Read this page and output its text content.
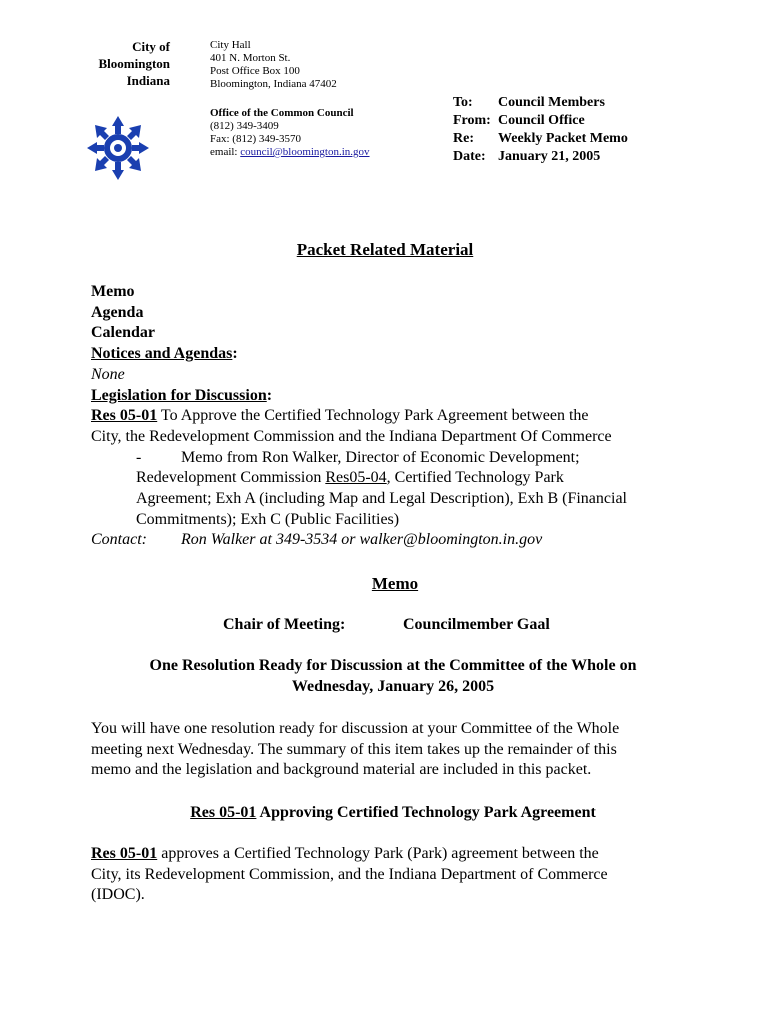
City of
Bloomington
Indiana
City Hall
401 N. Morton St.
Post Office Box 100
Bloomington, Indiana 47402
Office of the Common Council
(812) 349-3409
Fax: (812) 349-3570
email: council@bloomington.in.gov
To:	Council Members
From: Council Office
Re:	Weekly Packet Memo
Date: January 21, 2005
Packet Related Material
Memo
Agenda
Calendar
Notices and Agendas:
None
Legislation for Discussion:
Res 05-01 To Approve the Certified Technology Park Agreement between the
City, the Redevelopment Commission and the Indiana Department Of Commerce
- Memo from Ron Walker, Director of Economic Development;
Redevelopment Commission Res05-04, Certified Technology Park
Agreement; Exh A (including Map and Legal Description), Exh B (Financial
Commitments); Exh C (Public Facilities)
Contact: Ron Walker at 349-3534 or walker@bloomington.in.gov
Memo
Chair of Meeting:	Councilmember Gaal
One Resolution Ready for Discussion at the Committee of the Whole on
Wednesday, January 26, 2005
You will have one resolution ready for discussion at your Committee of the Whole
meeting next Wednesday. The summary of this item takes up the remainder of this
memo and the legislation and background material are included in this packet.
Res 05-01 Approving Certified Technology Park Agreement
Res 05-01 approves a Certified Technology Park (Park) agreement between the
City, its Redevelopment Commission, and the Indiana Department of Commerce
(IDOC).
